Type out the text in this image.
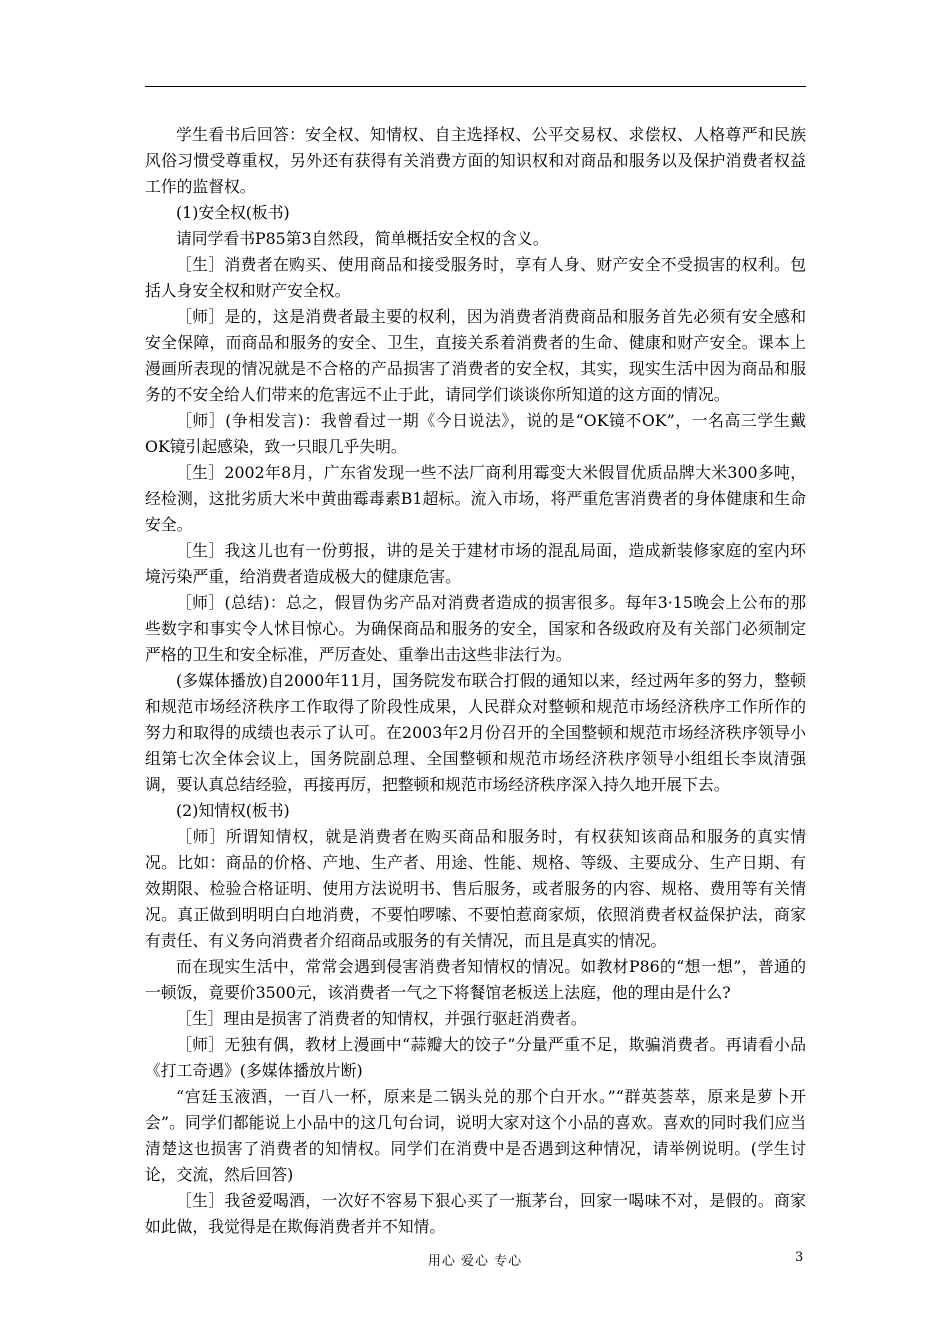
学生看书后回答：安全权、知情权、自主选择权、公平交易权、求偿权、人格尊严和民族风俗习惯受尊重权，另外还有获得有关消费方面的知识权和对商品和服务以及保护消费者权益工作的监督权。

(1)安全权(板书)

请同学看书P85第3自然段，简单概括安全权的含义。

［生］消费者在购买、使用商品和接受服务时，享有人身、财产安全不受损害的权利。包括人身安全权和财产安全权。

［师］是的，这是消费者最主要的权利，因为消费者消费商品和服务首先必须有安全感和安全保障，而商品和服务的安全、卫生，直接关系着消费者的生命、健康和财产安全。课本上漫画所表现的情况就是不合格的产品损害了消费者的安全权，其实，现实生活中因为商品和服务的不安全给人们带来的危害远不止于此，请同学们谈谈你所知道的这方面的情况。

［师］(争相发言)：我曾看过一期《今日说法》，说的是“OK镜不OK”，一名高三学生戴OK镜引起感染，致一只眼几乎失明。

［生］2002年8月，广东省发现一些不法厂商利用霉变大米假冒优质品牌大米300多吨，经检测，这批劣质大米中黄曲霉毒素B1超标。流入市场，将严重危害消费者的身体健康和生命安全。

［生］我这儿也有一份剪报，讲的是关于建材市场的混乱局面，造成新装修家庭的室内环境污染严重，给消费者造成极大的健康危害。

［师］(总结)：总之，假冒伪劣产品对消费者造成的损害很多。每年3·15晚会上公布的那些数字和事实令人怵目惊心。为确保商品和服务的安全，国家和各级政府及有关部门必须制定严格的卫生和安全标准，严厉查处、重拳出击这些非法行为。

(多媒体播放)自2000年11月，国务院发布联合打假的通知以来，经过两年多的努力，整顿和规范市场经济秩序工作取得了阶段性成果，人民群众对整顿和规范市场经济秩序工作所作的努力和取得的成绩也表示了认可。在2003年2月份召开的全国整顿和规范市场经济秩序领导小组第七次全体会议上，国务院副总理、全国整顿和规范市场经济秩序领导小组组长李岚清强调，要认真总结经验，再接再厉，把整顿和规范市场经济秩序深入持久地开展下去。

(2)知情权(板书)

［师］所谓知情权，就是消费者在购买商品和服务时，有权获知该商品和服务的真实情况。比如：商品的价格、产地、生产者、用途、性能、规格、等级、主要成分、生产日期、有效期限、检验合格证明、使用方法说明书、售后服务，或者服务的内容、规格、费用等有关情况。真正做到明明白白地消费，不要怕啰嗦、不要怕惹商家烦，依照消费者权益保护法，商家有责任、有义务向消费者介绍商品或服务的有关情况，而且是真实的情况。

而在现实生活中，常常会遇到侵害消费者知情权的情况。如教材P86的“想一想”，普通的一顿饭，竟要价3500元，该消费者一气之下将餐馆老板送上法庭，他的理由是什么?

［生］理由是损害了消费者的知情权，并强行驱赶消费者。

［师］无独有偶，教材上漫画中“蒜瓣大的饺子”分量严重不足，欺骗消费者。再请看小品《打工奇遇》(多媒体播放片断)

“宫廷玉液酒，一百八一杯，原来是二锅头兑的那个白开水。”“群英荟萃，原来是萝卜开会”。同学们都能说上小品中的这几句台词，说明大家对这个小品的喜欢。喜欢的同时我们应当清楚这也损害了消费者的知情权。同学们在消费中是否遇到这种情况，请举例说明。(学生讨论，交流，然后回答)

［生］我爸爱喝酒，一次好不容易下狠心买了一瓶茅台，回家一喝味不对，是假的。商家如此做，我觉得是在欺侮消费者并不知情。

用心 爱心 专心	3
